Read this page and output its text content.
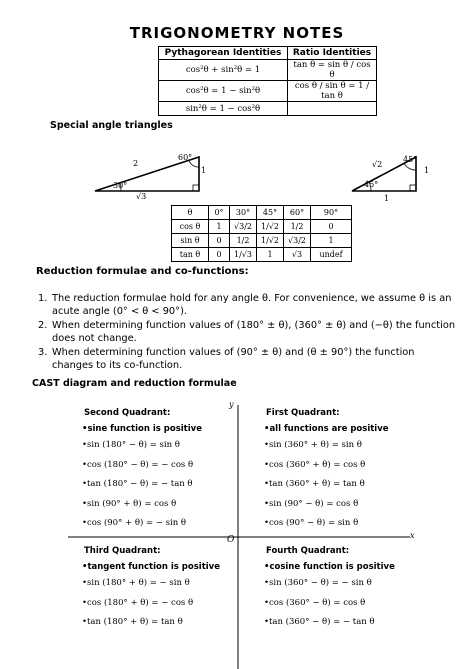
TRIGONOMETRY NOTES
Pythagorean Identities	Ratio Identities
cos²θ + sin²θ = 1	tan θ = sin θ / cos θ
cos²θ = 1 − sin²θ	cos θ / sin θ = 1 / tan θ
sin²θ = 1 − cos²θ	
Special angle triangles
2
1
√3
60°
30°
√2
1
1
45°
45°
θ	0°	30°	45°	60°	90°
cos θ	1	√3/2	1/√2	1/2	0
sin θ	0	1/2	1/√2	√3/2	1
tan θ	0	1/√3	1	√3	undef
Reduction formulae and co-functions:
1. The reduction formulae hold for any angle θ. For convenience, we assume θ is an acute angle (0° < θ < 90°).
2. When determining function values of (180° ± θ), (360° ± θ) and (−θ) the function does not change.
3. When determining function values of (90° ± θ) and (θ ± 90°) the function changes to its co-function.
CAST diagram and reduction formulae
y
x
O
Second Quadrant:
•sine function is positive
•sin (180° − θ) = sin θ
•cos (180° − θ) = − cos θ
•tan (180° − θ) = − tan θ
•sin (90° + θ) = cos θ
•cos (90° + θ) = − sin θ
First Quadrant:
•all functions are positive
•sin (360° + θ) = sin θ
•cos (360° + θ) = cos θ
•tan (360° + θ) = tan θ
•sin (90° − θ) = cos θ
•cos (90° − θ) = sin θ
Third Quadrant:
•tangent function is positive
•sin (180° + θ) = − sin θ
•cos (180° + θ) = − cos θ
•tan (180° + θ) = tan θ
Fourth Quadrant:
•cosine function is positive
•sin (360° − θ) = − sin θ
•cos (360° − θ) = cos θ
•tan (360° − θ) = − tan θ
